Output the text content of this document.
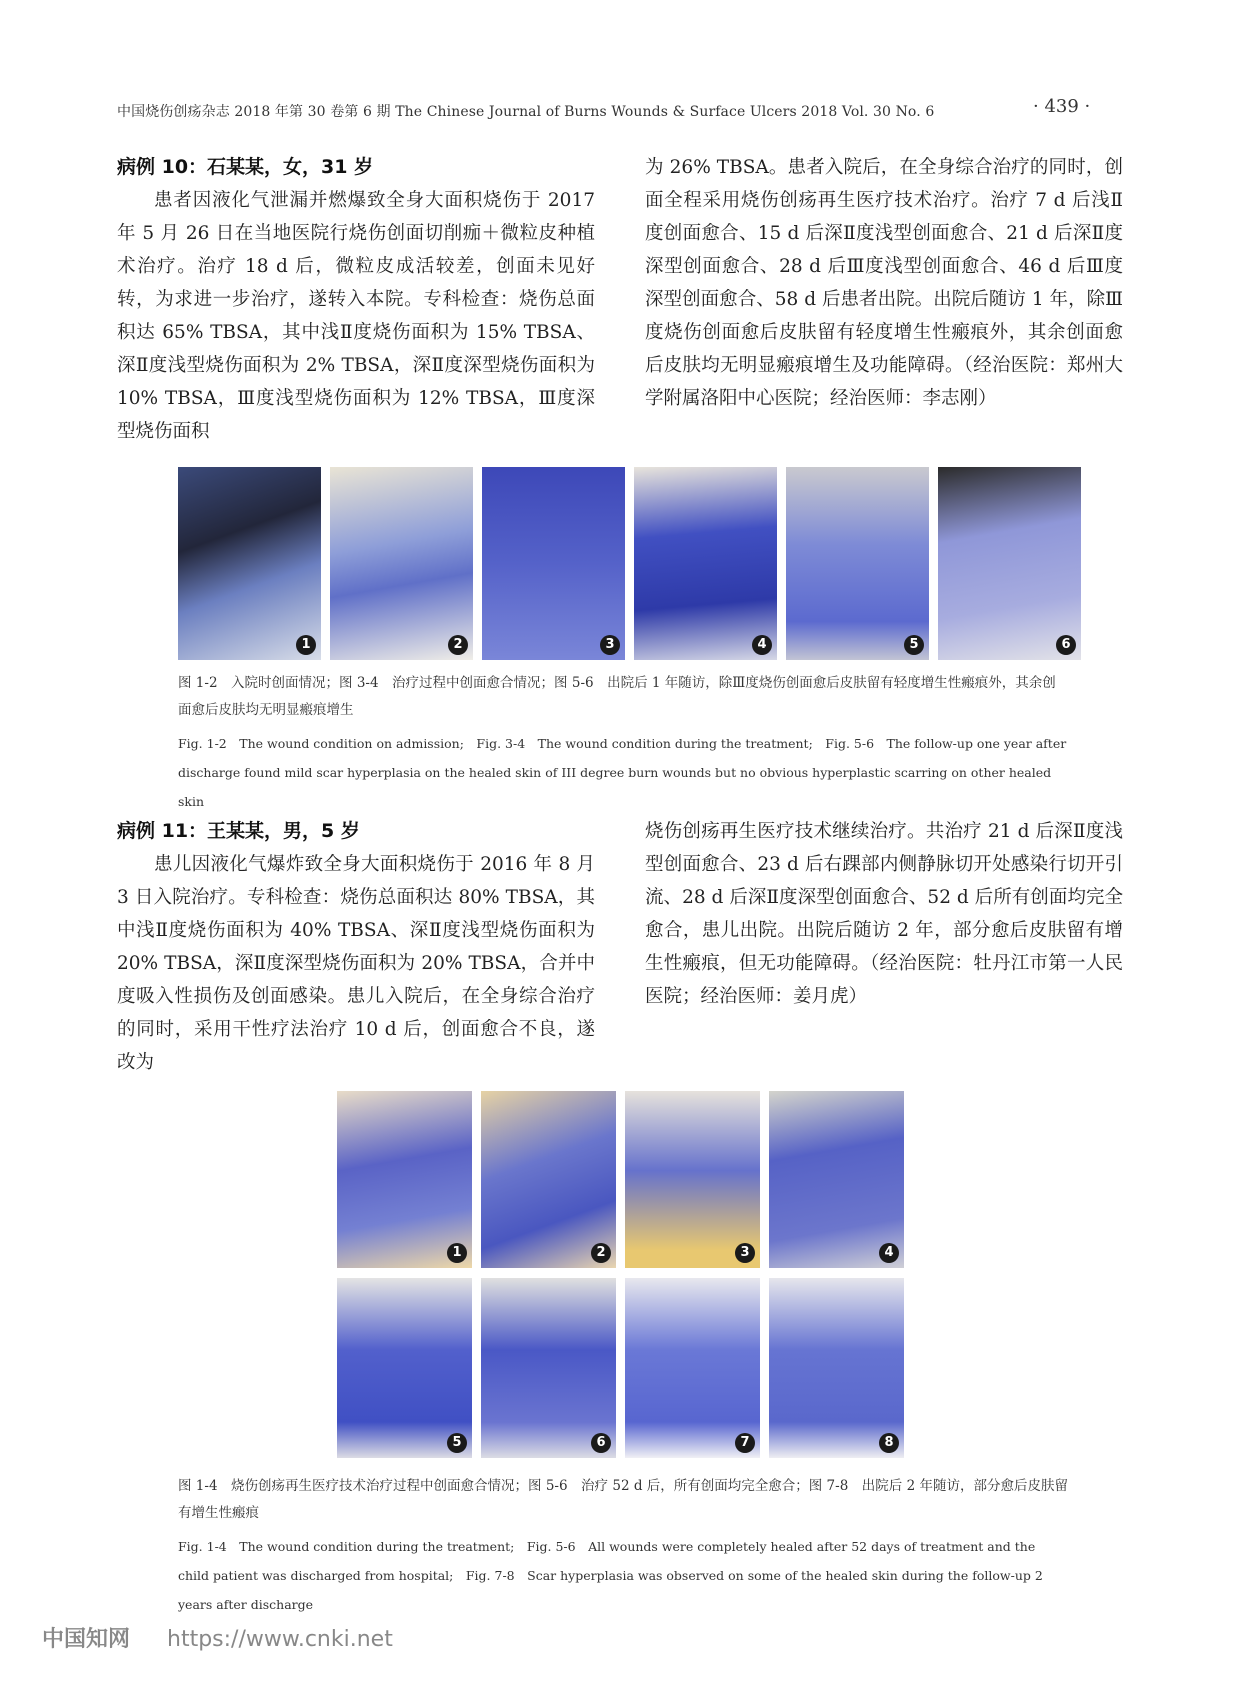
中国烧伤创疡杂志 2018 年第 30 卷第 6 期 The Chinese Journal of Burns Wounds & Surface Ulcers 2018 Vol. 30 No. 6	· 439 ·
病例 10：石某某，女，31 岁

患者因液化气泄漏并燃爆致全身大面积烧伤于 2017 年 5 月 26 日在当地医院行烧伤创面切削痂＋微粒皮种植术治疗。治疗 18 d 后，微粒皮成活较差，创面未见好转，为求进一步治疗，遂转入本院。专科检查：烧伤总面积达 65% TBSA，其中浅Ⅱ度烧伤面积为 15% TBSA、深Ⅱ度浅型烧伤面积为 2% TBSA，深Ⅱ度深型烧伤面积为 10% TBSA，Ⅲ度浅型烧伤面积为 12% TBSA，Ⅲ度深型烧伤面积

为 26% TBSA。患者入院后，在全身综合治疗的同时，创面全程采用烧伤创疡再生医疗技术治疗。治疗 7 d 后浅Ⅱ度创面愈合、15 d 后深Ⅱ度浅型创面愈合、21 d 后深Ⅱ度深型创面愈合、28 d 后Ⅲ度浅型创面愈合、46 d 后Ⅲ度深型创面愈合、58 d 后患者出院。出院后随访 1 年，除Ⅲ度烧伤创面愈后皮肤留有轻度增生性瘢痕外，其余创面愈后皮肤均无明显瘢痕增生及功能障碍。（经治医院：郑州大学附属洛阳中心医院；经治医师：李志刚）

1	2	3	4	5	6
图 1-2　入院时创面情况；图 3-4　治疗过程中创面愈合情况；图 5-6　出院后 1 年随访，除Ⅲ度烧伤创面愈后皮肤留有轻度增生性瘢痕外，其余创面愈后皮肤均无明显瘢痕增生
Fig. 1-2　The wound condition on admission;　Fig. 3-4　The wound condition during the treatment;　Fig. 5-6　The follow-up one year after discharge found mild scar hyperplasia on the healed skin of III degree burn wounds but no obvious hyperplastic scarring on other healed skin
病例 11：王某某，男，5 岁

患儿因液化气爆炸致全身大面积烧伤于 2016 年 8 月 3 日入院治疗。专科检查：烧伤总面积达 80% TBSA，其中浅Ⅱ度烧伤面积为 40% TBSA、深Ⅱ度浅型烧伤面积为 20% TBSA，深Ⅱ度深型烧伤面积为 20% TBSA，合并中度吸入性损伤及创面感染。患儿入院后，在全身综合治疗的同时，采用干性疗法治疗 10 d 后，创面愈合不良，遂改为

烧伤创疡再生医疗技术继续治疗。共治疗 21 d 后深Ⅱ度浅型创面愈合、23 d 后右踝部内侧静脉切开处感染行切开引流、28 d 后深Ⅱ度深型创面愈合、52 d 后所有创面均完全愈合，患儿出院。出院后随访 2 年，部分愈后皮肤留有增生性瘢痕，但无功能障碍。（经治医院：牡丹江市第一人民医院；经治医师：姜月虎）

1	2	3	4
5	6	7	8
图 1-4　烧伤创疡再生医疗技术治疗过程中创面愈合情况；图 5-6　治疗 52 d 后，所有创面均完全愈合；图 7-8　出院后 2 年随访，部分愈后皮肤留有增生性瘢痕
Fig. 1-4　The wound condition during the treatment;　Fig. 5-6　All wounds were completely healed after 52 days of treatment and the child patient was discharged from hospital;　Fig. 7-8　Scar hyperplasia was observed on some of the healed skin during the follow-up 2 years after discharge
中国知网 https://www.cnki.net
